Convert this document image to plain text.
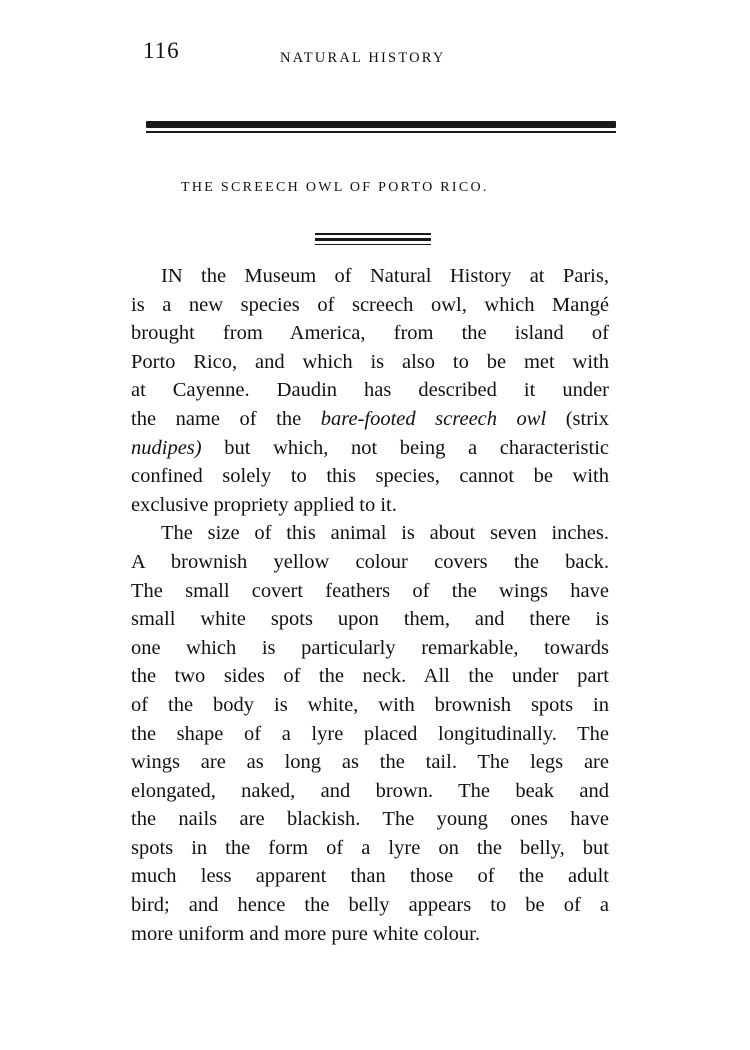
116	NATURAL HISTORY
THE SCREECH OWL OF PORTO RICO.
IN the Museum of Natural History at Paris,
is a new species of screech owl, which Mangé
brought from America, from the island of
Porto Rico, and which is also to be met with
at Cayenne. Daudin has described it under
the name of the bare-footed screech owl (strix
nudipes) but which, not being a characteristic
confined solely to this species, cannot be with
exclusive propriety applied to it.
The size of this animal is about seven inches.
A brownish yellow colour covers the back.
The small covert feathers of the wings have
small white spots upon them, and there is
one which is particularly remarkable, towards
the two sides of the neck. All the under part
of the body is white, with brownish spots in
the shape of a lyre placed longitudinally. The
wings are as long as the tail. The legs are
elongated, naked, and brown. The beak and
the nails are blackish. The young ones have
spots in the form of a lyre on the belly, but
much less apparent than those of the adult
bird; and hence the belly appears to be of a
more uniform and more pure white colour.
